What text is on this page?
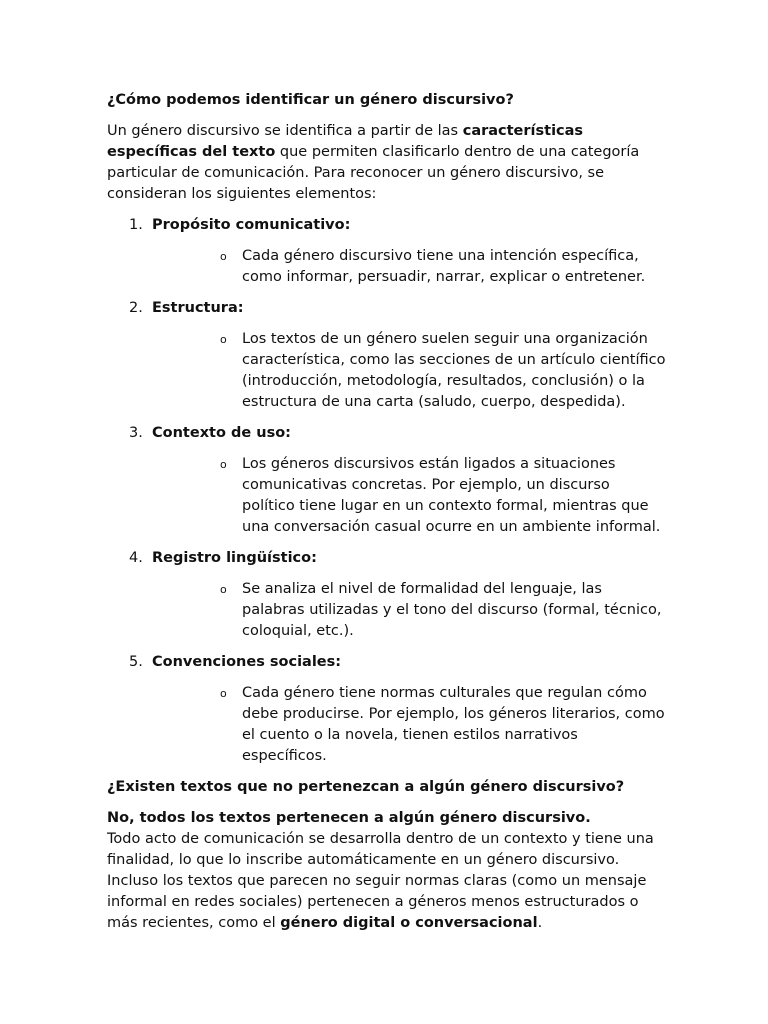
¿Cómo podemos identificar un género discursivo?

Un género discursivo se identifica a partir de las características específicas del texto que permiten clasificarlo dentro de una categoría particular de comunicación. Para reconocer un género discursivo, se consideran los siguientes elementos:

1. Propósito comunicativo:
o Cada género discursivo tiene una intención específica, como informar, persuadir, narrar, explicar o entretener.
2. Estructura:
o Los textos de un género suelen seguir una organización característica, como las secciones de un artículo científico (introducción, metodología, resultados, conclusión) o la estructura de una carta (saludo, cuerpo, despedida).
3. Contexto de uso:
o Los géneros discursivos están ligados a situaciones comunicativas concretas. Por ejemplo, un discurso político tiene lugar en un contexto formal, mientras que una conversación casual ocurre en un ambiente informal.
4. Registro lingüístico:
o Se analiza el nivel de formalidad del lenguaje, las palabras utilizadas y el tono del discurso (formal, técnico, coloquial, etc.).
5. Convenciones sociales:
o Cada género tiene normas culturales que regulan cómo debe producirse. Por ejemplo, los géneros literarios, como el cuento o la novela, tienen estilos narrativos específicos.

¿Existen textos que no pertenezcan a algún género discursivo?

No, todos los textos pertenecen a algún género discursivo.

Todo acto de comunicación se desarrolla dentro de un contexto y tiene una finalidad, lo que lo inscribe automáticamente en un género discursivo. Incluso los textos que parecen no seguir normas claras (como un mensaje informal en redes sociales) pertenecen a géneros menos estructurados o más recientes, como el género digital o conversacional.
